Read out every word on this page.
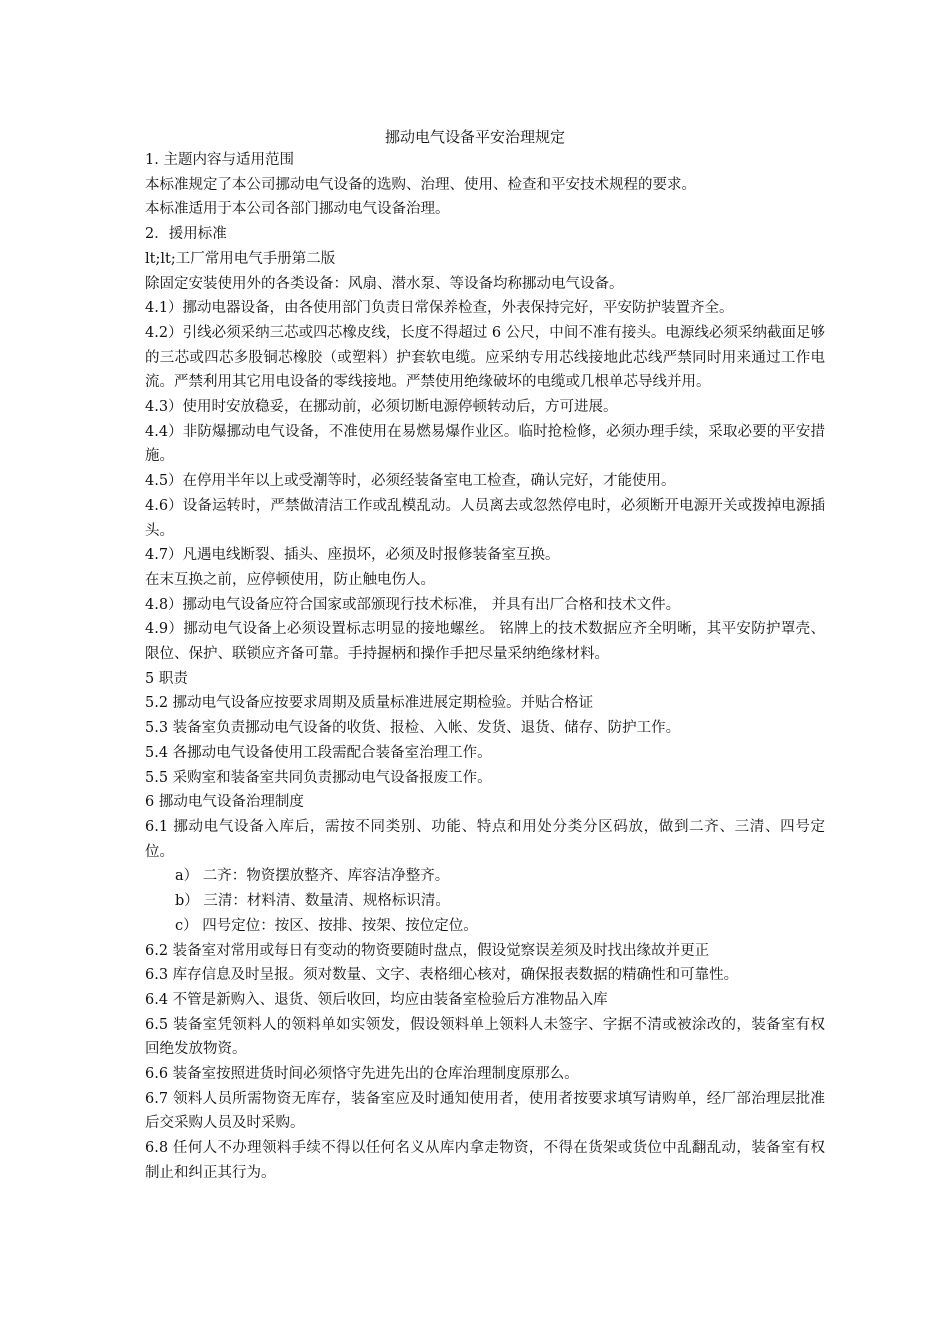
挪动电气设备平安治理规定

1. 主题内容与适用范围

本标准规定了本公司挪动电气设备的选购、治理、使用、检查和平安技术规程的要求。

本标准适用于本公司各部门挪动电气设备治理。

2．援用标准

lt;lt;工厂常用电气手册第二版

除固定安装使用外的各类设备：风扇、潜水泵、等设备均称挪动电气设备。

4.1）挪动电器设备，由各使用部门负责日常保养检查，外表保持完好，平安防护装置齐全。

4.2）引线必须采纳三芯或四芯橡皮线，长度不得超过 6 公尺，中间不准有接头。电源线必须采纳截面足够的三芯或四芯多股铜芯橡胶（或塑料）护套软电缆。应采纳专用芯线接地此芯线严禁同时用来通过工作电流。严禁利用其它用电设备的零线接地。严禁使用绝缘破坏的电缆或几根单芯导线并用。

4.3）使用时安放稳妥，在挪动前，必须切断电源停顿转动后，方可进展。

4.4）非防爆挪动电气设备，不准使用在易燃易爆作业区。临时抢检修，必须办理手续，采取必要的平安措施。

4.5）在停用半年以上或受潮等时，必须经装备室电工检查，确认完好，才能使用。

4.6）设备运转时，严禁做清洁工作或乱模乱动。人员离去或忽然停电时，必须断开电源开关或拨掉电源插头。

4.7）凡遇电线断裂、插头、座损坏，必须及时报修装备室互换。

在末互换之前，应停顿使用，防止触电伤人。

4.8）挪动电气设备应符合国家或部颁现行技术标准， 并具有出厂合格和技术文件。

4.9）挪动电气设备上必须设置标志明显的接地螺丝。 铭牌上的技术数据应齐全明晰，其平安防护罩壳、限位、保护、联锁应齐备可靠。手持握柄和操作手把尽量采纳绝缘材料。

5 职责

5.2 挪动电气设备应按要求周期及质量标准进展定期检验。并贴合格证

5.3 装备室负责挪动电气设备的收货、报检、入帐、发货、退货、储存、防护工作。

5.4 各挪动电气设备使用工段需配合装备室治理工作。

5.5 采购室和装备室共同负责挪动电气设备报废工作。

6 挪动电气设备治理制度

6.1 挪动电气设备入库后，需按不同类别、功能、特点和用处分类分区码放，做到二齐、三清、四号定位。

a） 二齐：物资摆放整齐、库容洁净整齐。

b） 三清：材料清、数量清、规格标识清。

c） 四号定位：按区、按排、按架、按位定位。

6.2 装备室对常用或每日有变动的物资要随时盘点，假设觉察误差须及时找出缘故并更正

6.3 库存信息及时呈报。须对数量、文字、表格细心核对，确保报表数据的精确性和可靠性。

6.4 不管是新购入、退货、领后收回，均应由装备室检验后方准物品入库

6.5 装备室凭领料人的领料单如实领发，假设领料单上领料人未签字、字据不清或被涂改的，装备室有权回绝发放物资。

6.6 装备室按照进货时间必须恪守先进先出的仓库治理制度原那么。

6.7 领料人员所需物资无库存，装备室应及时通知使用者，使用者按要求填写请购单，经厂部治理层批准后交采购人员及时采购。

6.8 任何人不办理领料手续不得以任何名义从库内拿走物资，不得在货架或货位中乱翻乱动，装备室有权制止和纠正其行为。
